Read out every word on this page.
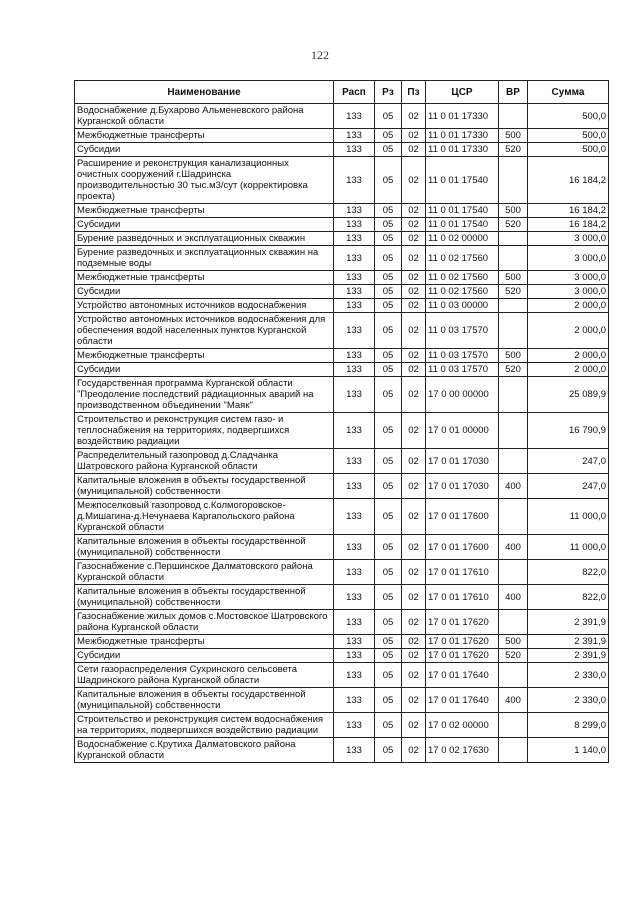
122
Наименование	Расп	Рз	Пз	ЦСР	ВР	Сумма
Водоснабжение д.Бухарово Альменевского района Курганской области	133	05	02	11 0 01 17330		500,0
Межбюджетные трансферты	133	05	02	11 0 01 17330	500	500,0
Субсидии	133	05	02	11 0 01 17330	520	500,0
Расширение и реконструкция канализационных очистных сооружений г.Шадринска производительностью 30 тыс.м3/сут (корректировка проекта)	133	05	02	11 0 01 17540		16 184,2
Межбюджетные трансферты	133	05	02	11 0 01 17540	500	16 184,2
Субсидии	133	05	02	11 0 01 17540	520	16 184,2
Бурение разведочных и эксплуатационных скважин	133	05	02	11 0 02 00000		3 000,0
Бурение разведочных и эксплуатационных скважин на подземные воды	133	05	02	11 0 02 17560		3 000,0
Межбюджетные трансферты	133	05	02	11 0 02 17560	500	3 000,0
Субсидии	133	05	02	11 0 02 17560	520	3 000,0
Устройство автономных источников водоснабжения	133	05	02	11 0 03 00000		2 000,0
Устройство автономных источников водоснабжения для обеспечения водой населенных пунктов Курганской области	133	05	02	11 0 03 17570		2 000,0
Межбюджетные трансферты	133	05	02	11 0 03 17570	500	2 000,0
Субсидии	133	05	02	11 0 03 17570	520	2 000,0
Государственная программа Курганской области "Преодоление последствий радиационных аварий на производственном объединении "Маяк"	133	05	02	17 0 00 00000		25 089,9
Строительство и реконструкция систем газо- и теплоснабжения на территориях, подвергшихся воздействию радиации	133	05	02	17 0 01 00000		16 790,9
Распределительный газопровод д.Сладчанка Шатровского района Курганской области	133	05	02	17 0 01 17030		247,0
Капитальные вложения в объекты государственной (муниципальной) собственности	133	05	02	17 0 01 17030	400	247,0
Межпоселковый газопровод с.Колмогоровское-д.Мишагина-д.Нечунаева Каргапольского района Курганской области	133	05	02	17 0 01 17600		11 000,0
Капитальные вложения в объекты государственной (муниципальной) собственности	133	05	02	17 0 01 17600	400	11 000,0
Газоснабжение с.Першинское Далматовского района Курганской области	133	05	02	17 0 01 17610		822,0
Капитальные вложения в объекты государственной (муниципальной) собственности	133	05	02	17 0 01 17610	400	822,0
Газоснабжение жилых домов с.Мостовское Шатровского района Курганской области	133	05	02	17 0 01 17620		2 391,9
Межбюджетные трансферты	133	05	02	17 0 01 17620	500	2 391,9
Субсидии	133	05	02	17 0 01 17620	520	2 391,9
Сети газораспределения Сухринского сельсовета Шадринского района Курганской области	133	05	02	17 0 01 17640		2 330,0
Капитальные вложения в объекты государственной (муниципальной) собственности	133	05	02	17 0 01 17640	400	2 330,0
Строительство и реконструкция систем водоснабжения на территориях, подвергшихся воздействию радиации	133	05	02	17 0 02 00000		8 299,0
Водоснабжение с.Крутиха Далматовского района Курганской области	133	05	02	17 0 02 17630		1 140,0
